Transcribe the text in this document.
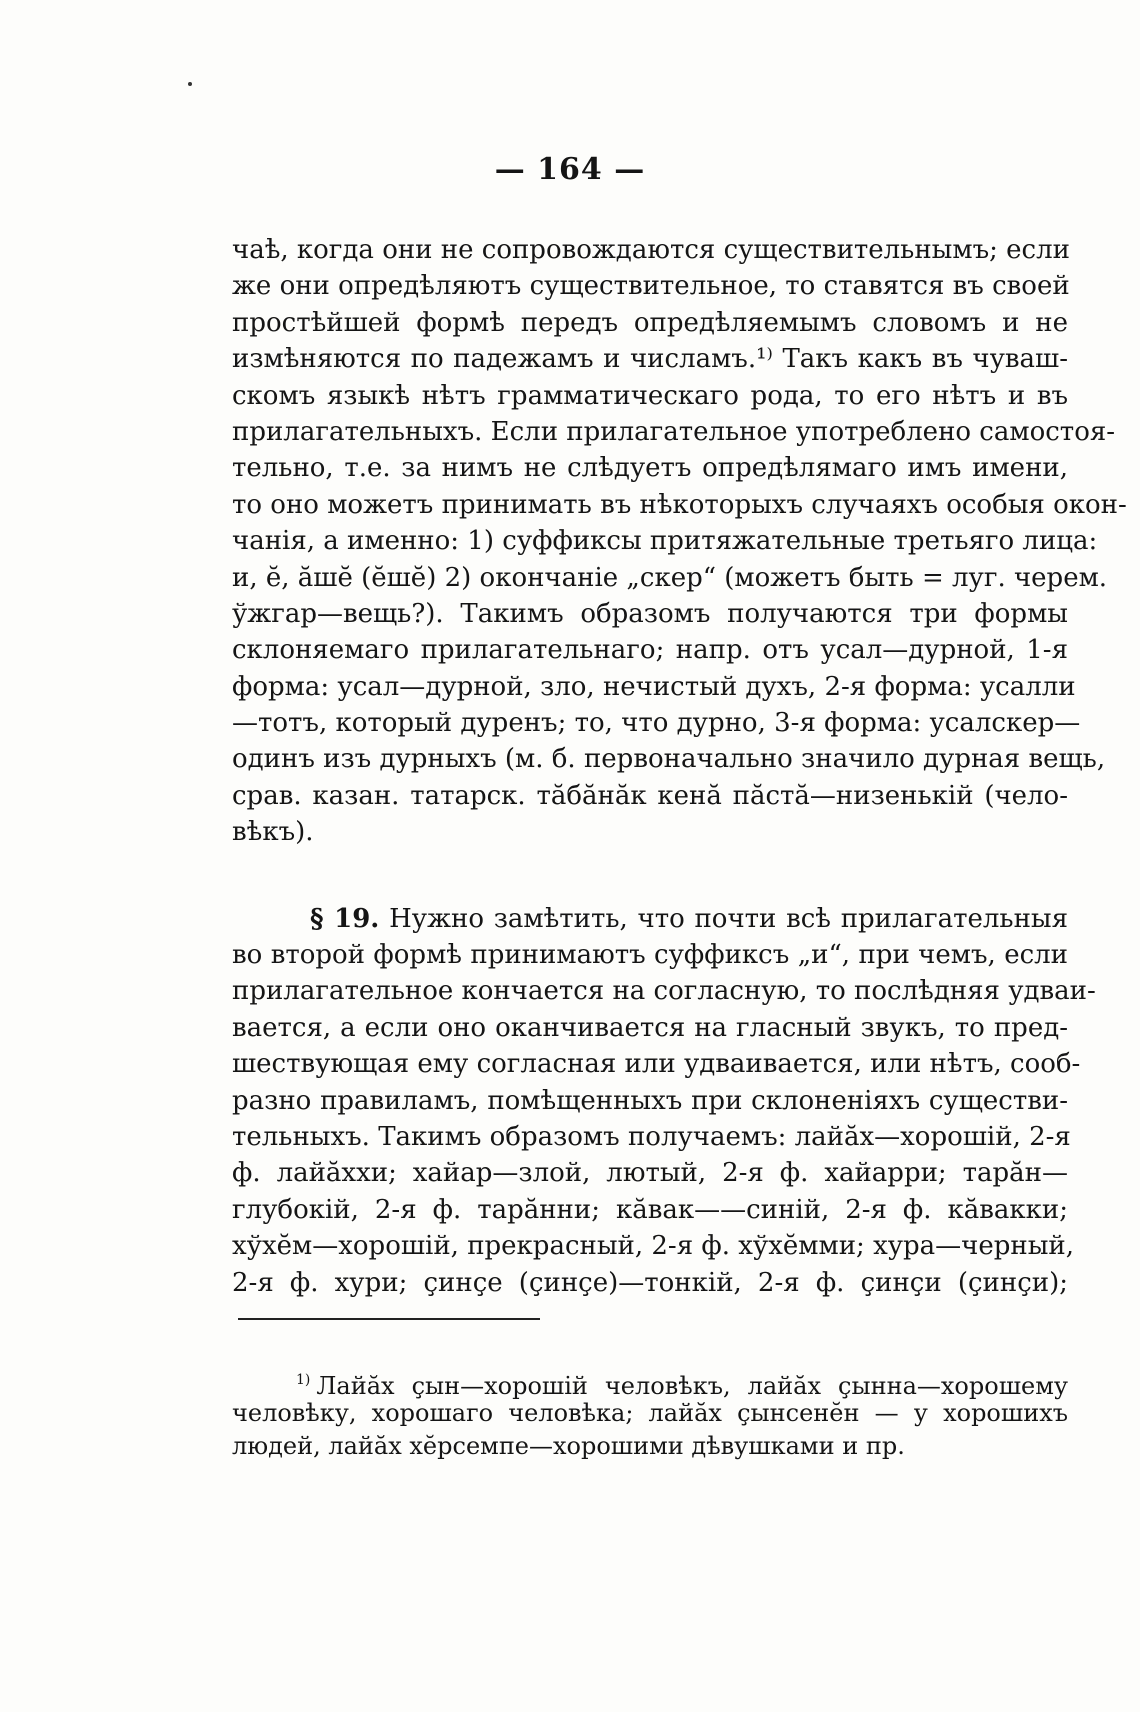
— 164 —
чаѣ, когда они не сопровождаются существительнымъ; если
же они опредѣляютъ существительное, то ставятся въ своей
простѣйшей формѣ передъ опредѣляемымъ словомъ и не
измѣняются по падежамъ и числамъ.¹⁾ Такъ какъ въ чуваш-
скомъ языкѣ нѣтъ грамматическаго рода, то его нѣтъ и въ
прилагательныхъ. Если прилагательное употреблено самостоя-
тельно, т.е. за нимъ не слѣдуетъ опредѣлямаго имъ имени,
то оно можетъ принимать въ нѣкоторыхъ случаяхъ особыя окон-
чанія, а именно: 1) суффиксы притяжательные третьяго лица:
и, ĕ, ăшĕ (ĕшĕ) 2) окончаніе „скер“ (можетъ быть = луг. черем.
ўжгар—вещь?). Такимъ образомъ получаются три формы
склоняемаго прилагательнаго; напр. отъ усал—дурной, 1-я
форма: усал—дурной, зло, нечистый духъ, 2-я форма: усалли
—тотъ, который дуренъ; то, что дурно, 3-я форма: усалскер—
одинъ изъ дурныхъ (м. б. первоначально значило дурная вещь,
срав. казан. татарск. тăбăнăк кенă пăстă—низенькій (чело-
вѣкъ).
§ 19. Нужно замѣтить, что почти всѣ прилагательныя
во второй формѣ принимаютъ суффиксъ „и“, при чемъ, если
прилагательное кончается на согласную, то послѣдняя удваи-
вается, а если оно оканчивается на гласный звукъ, то пред-
шествующая ему согласная или удваивается, или нѣтъ, сооб-
разно правиламъ, помѣщенныхъ при склоненіяхъ существи-
тельныхъ. Такимъ образомъ получаемъ: лайăх—хорошій, 2-я
ф. лайăххи; хайар—злой, лютый, 2-я ф. хайарри; тарăн—
глубокій, 2-я ф. тарăнни; кăвак——синій, 2-я ф. кăвакки;
хўхĕм—хорошій, прекрасный, 2-я ф. хўхĕмми; хура—черный,
2-я ф. хури; ҫинçе (ҫинҫе)—тонкій, 2-я ф. ҫинçи (ҫинҫи);
$^{1)}$ Лайăх ҫын—хорошій человѣкъ, лайăх ҫынна—хорошему
человѣку, хорошаго человѣка; лайăх ҫынсенĕн — у хорошихъ
людей, лайăх хĕрсемпе—хорошими дѣвушками и пр.
